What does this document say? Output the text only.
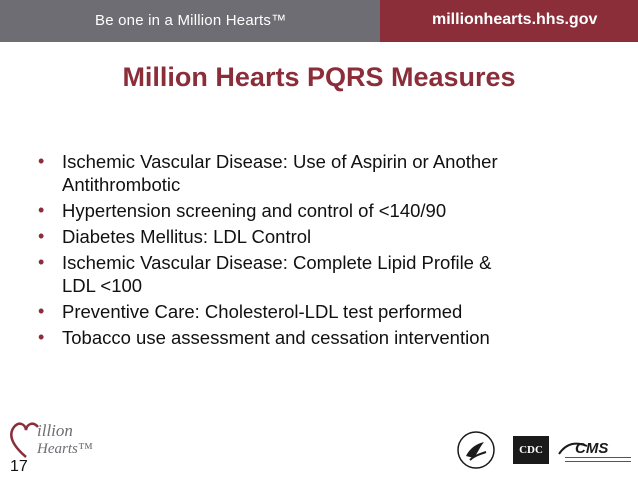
Be one in a Million Hearts™	millionhearts.hhs.gov
Million Hearts PQRS Measures
• Ischemic Vascular Disease: Use of Aspirin or Another
Antithrombotic
• Hypertension screening and control of <140/90
• Diabetes Mellitus: LDL Control
• Ischemic Vascular Disease: Complete Lipid Profile &
LDL <100
• Preventive Care: Cholesterol-LDL test performed
• Tobacco use assessment and cessation intervention
illion
Hearts™
17
CDC	CMS
